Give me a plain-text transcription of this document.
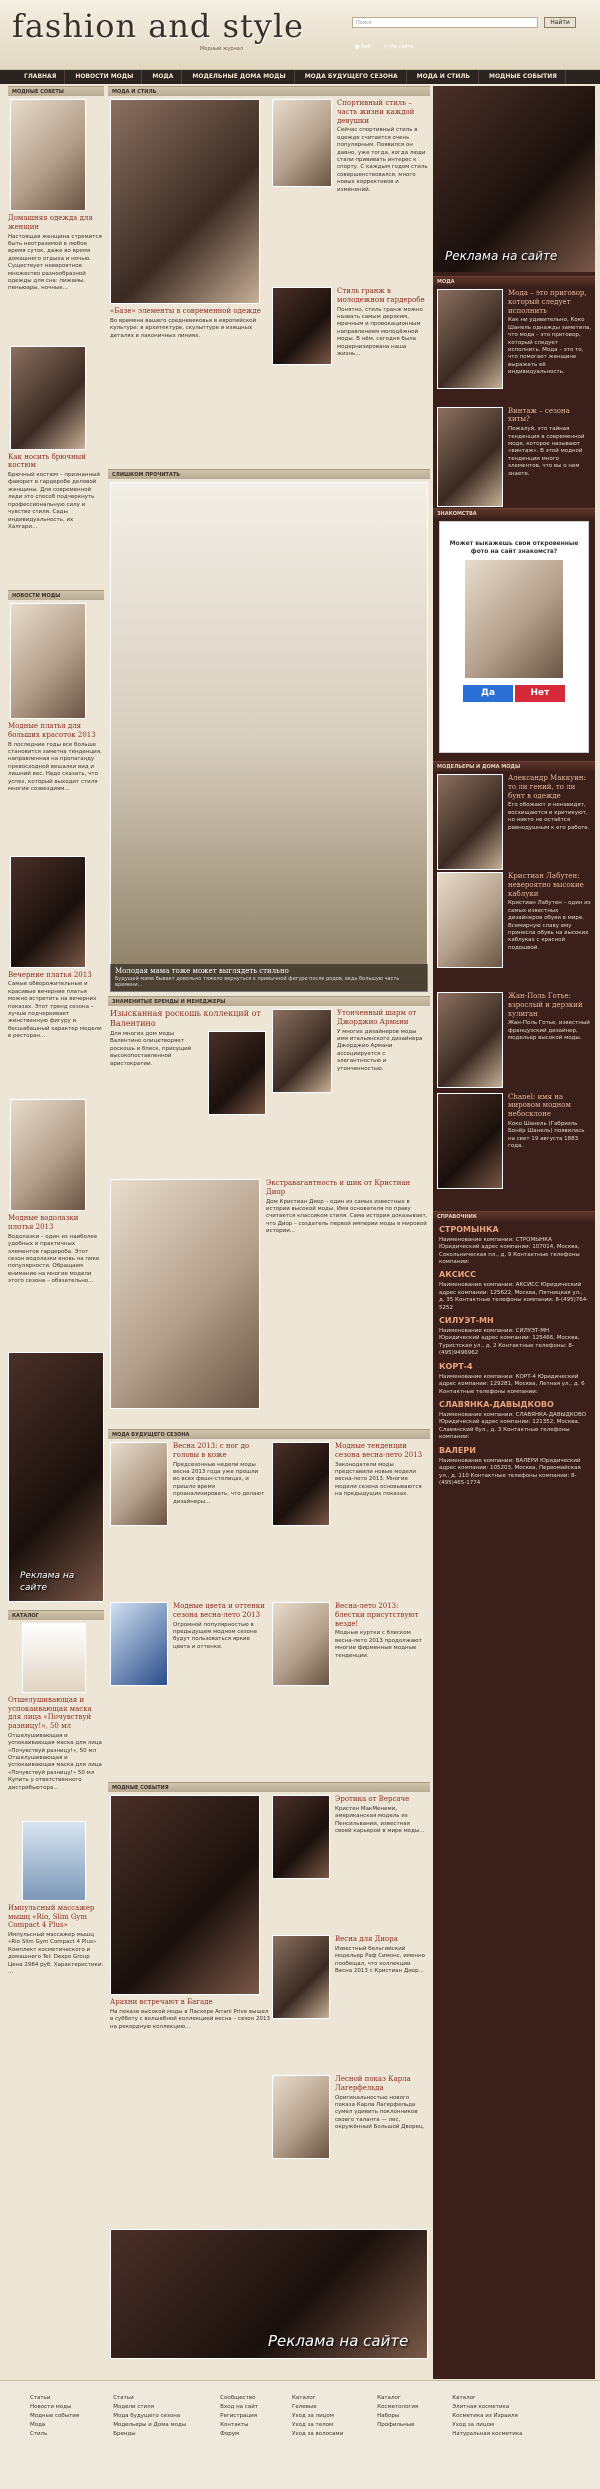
fashion and style
Модный журнал
Поиск	Найти
● Веб	○ На сайте
ГЛАВНАЯ	НОВОСТИ МОДЫ	МОДА	МОДЕЛЬНЫЕ ДОМА МОДЫ	МОДА БУДУЩЕГО СЕЗОНА	МОДА И СТИЛЬ	МОДНЫЕ СОБЫТИЯ
МОДНЫЕ СОВЕТЫ
Домашняя одежда для женщин
Настоящая женщина стремится быть неотразимой в любое время суток, даже во время домашнего отдыха и ночью. Существует невероятное множество разнообразной одежды для сна: пижамы, пеньюары, ночные...
Как носить брючный костюм
Брючный костюм – признанный фаворит в гардеробе деловой женщины. Для современной леди это способ подчеркнуть профессиональную силу и чувство стиля. Сады индивидуальность, их Халгари...
НОВОСТИ МОДЫ
Модные платья для больших красоток 2013
В последние годы все больше становится заметна тенденция, направленная на пропаганду превосходной вешалки вид и лишний вес. Надо сказать, что успех, который выходит стиля многие созвездиям...
Вечерние платья 2013
Самые обворожительные и красивые вечерние платья можно встретить на вечерних показах. Этот тренд сезона – лучше подчеркивает женственную фигуру и бесшабашный характер модели в ресторан...
Модные водолазки плотья 2013
Водолазки – один из наиболее удобных и практичных элементов гардероба. Этот сезон водолазки вновь на пике популярности. Обращаем внимание на многие модели этого сезона – обязательно...
Реклама на сайте
КАТАЛОГ
Отшелушивающая и успокаивающая маска для лица «Почувствуй разницу!», 50 мл
Отшелушивающая и успокаивающая маска для лица «Почувствуй разницу!», 50 мл Отшелушивающая и успокаивающая маска для лица «Почувствуй разницу!» 50 мл Купить у ответственного дистрибьютора...
Импульсный массажер мышц «Rio, Slim Gym Compact 4 Plus»
Импульсный массажер мышц «Rio Slim Gym Compact 4 Plus» Комплект косметического и домашнего Tel: Dexpo Group Цена 2984 руб. Характеристики: ...
МОДА И СТИЛЬ
«Базе» элементы в современной одежде
Во времена вашего средневековья в европейской культуре: в архитектуре, скульптуре и изящных деталях в лаконичных линиях.
Спортивный стиль – часть жизни каждой девушки
Сейчас спортивный стиль в одежде считается очень популярным. Появился он давно, уже тогда, когда люди стали прививать интерес к спорту. С каждым годом стиль совершенствовался, много новых коррективов и изменений.
Стиль гранж в молодежном гардеробе
Понятно, стиль гранж можно назвать самым дерзким, мрачным и провокационным направлением молодёжной моды. В нём, сегодня была модернизирована наша жизнь...
СЛИШКОМ ПРОЧИТАТЬ
Молодая мама тоже может выглядеть стильно
Будущей маме бывает довольно тяжело вернуться к привычной фигуре после родов, ведь большую часть времени...
ЗНАМЕНИТЫЕ БРЕНДЫ И МЕНЕДЖЕРЫ
Изысканная роскошь коллекций от Валентино
Для многих дом моды Валентино олицетворяет роскошь и блеск, присущий высокопоставленной аристократии.
Утонченный шарм от Джорджио Армани
У многих дизайнеров моды имя итальянского дизайнера Джорджио Армани ассоциируется с элегантностью и утонченностью.
Экстравагантность и шик от Кристиан Диор
Дом Кристиан Диор – один из самых известных в истории высокой моды. Имя основателя по праву считается классиком стиля. Сама история доказывает, что Диор – создатель первой империи моды в мировой истории...
МОДА БУДУЩЕГО СЕЗОНА
Весна 2013: с ног до головы в коже
Предсезонные недели моды весна 2013 года уже прошли во всех фешн-столицах, и пришло время проанализировать, что делают дизайнеры...
Модные тенденции сезона весна-лето 2013
Законодатели моды представили новые модели весна-лето 2013. Многие модели сезона основываются на предыдущих показах.
Модные цвета и оттенки сезона весна-лето 2013
Огромной популярностью в предыдущем модном сезоне будут пользоваться яркие цвета и оттенки.
Весна-лето 2013: блестки присутствуют везде!
Модные куртки с блеском весна-лето 2013 продолжают многие фирменные модные тенденции.
МОДНЫЕ СОБЫТИЯ
Арахни встречают в Багаде
На показе высокой моды в Пасхере Arrani Prive вышел в субботу с волшебной коллекцией весна – сезон 2013 на рекордную коллекцию...
Эротика от Версаче
Кристен МакМенеми, американская модель из Пенсильвании, известная своей карьерой в мире моды...
Весна для Диора
Известный бельгийский модельер Раф Симонс, именно пообещал, что коллекции Весна 2013 с Кристиан Диор...
Лесной показ Карла Лагерфельда
Оригинальностью нового показа Карла Лагерфельда сумел удивить поклонников своего таланта — лес, окружённый Большой Дворец.
Реклама на сайте
Реклама на сайте
МОДА
Мода – это приговор, который следует исполнить
Как ни удивительно, Коко Шанель однажды заметила, что мода – это приговор, который следует исполнить. Мода – это то, что помогает женщине выражать её индивидуальность.
Винтаж – сезона хиты?
Пожалуй, это тайная тенденция в современной моде, которое называют «винтаж». В этой модной тенденции много элементов, что вы о нем знаете.
ЗНАКОМСТВА
Может выкажешь свои откровенные фото на сайт знакомств?
Да	Нет
МОДЕЛЬЕРЫ И ДОМА МОДЫ
Александр Маккуин: то ли гений, то ли бунт в одежде
Его обожают и ненавидят, восхищаются и критикуют, но никто не остаётся равнодушным к его работе.
Кристиан Лабутен: невероятно высокие каблуки
Кристиан Лабутен – один из самых известных дизайнеров обуви в мире. Всемирную славу ему принесла обувь на высоких каблуках с красной подошвой.
Жан-Поль Готье: взрослый и дерзкий хулиган
Жан-Поль Готье, известный французский дизайнер, модельер высокой моды.
Chanel: имя на мировом модном небосклоне
Коко Шанель (Габриэль Бонёр Шанель) появилась на свет 19 августа 1883 года.
СПРАВОЧНИК
СТРОМЫНКА
Наименование компании: СТРОМЫНКА Юридический адрес компании: 107014, Москва, Сокольническая пл., д. 9 Контактные телефоны компании:
АКСИСС
Наименование компании: АКСИСС Юридический адрес компании: 125622, Москва, Пятницкая ул., д. 35 Контактные телефоны компании: 8-(495)764-5252
СИЛУЭТ-МН
Наименование компании: СИЛУЭТ-МН Юридический адрес компании: 125466, Москва, Туристская ул., д. 2 Контактные телефоны: 8-(495)9496962
КОРТ-4
Наименование компании: КОРТ-4 Юридический адрес компании: 129281, Москва, Летная ул., д. 6 Контактные телефоны компании:
СЛАВЯНКА-ДАВЫДКОВО
Наименование компании: СЛАВЯНКА-ДАВЫДКОВО Юридический адрес компании: 121352, Москва, Славянский бул., д. 3 Контактные телефоны компании:
ВАЛЕРИ
Наименование компании: ВАЛЕРИ Юридический адрес компании: 105203, Москва, Первомайская ул., д. 110 Контактные телефоны компании: 8-(495)465-1774
Статьи
Новости моды
Модные события
Мода
Стиль
Статьи
Модели стиля
Мода будущего сезона
Модельеры и Дома моды
Бренды
Сообщество
Вход на сайт
Регистрация
Контакты
Форум
Каталог
Гелевые
Уход за лицом
Уход за телом
Уход за волосами
Каталог
Косметология
Наборы
Профильные
Каталог
Элитная косметика
Косметика из Израиля
Уход за лицом
Натуральная косметика
